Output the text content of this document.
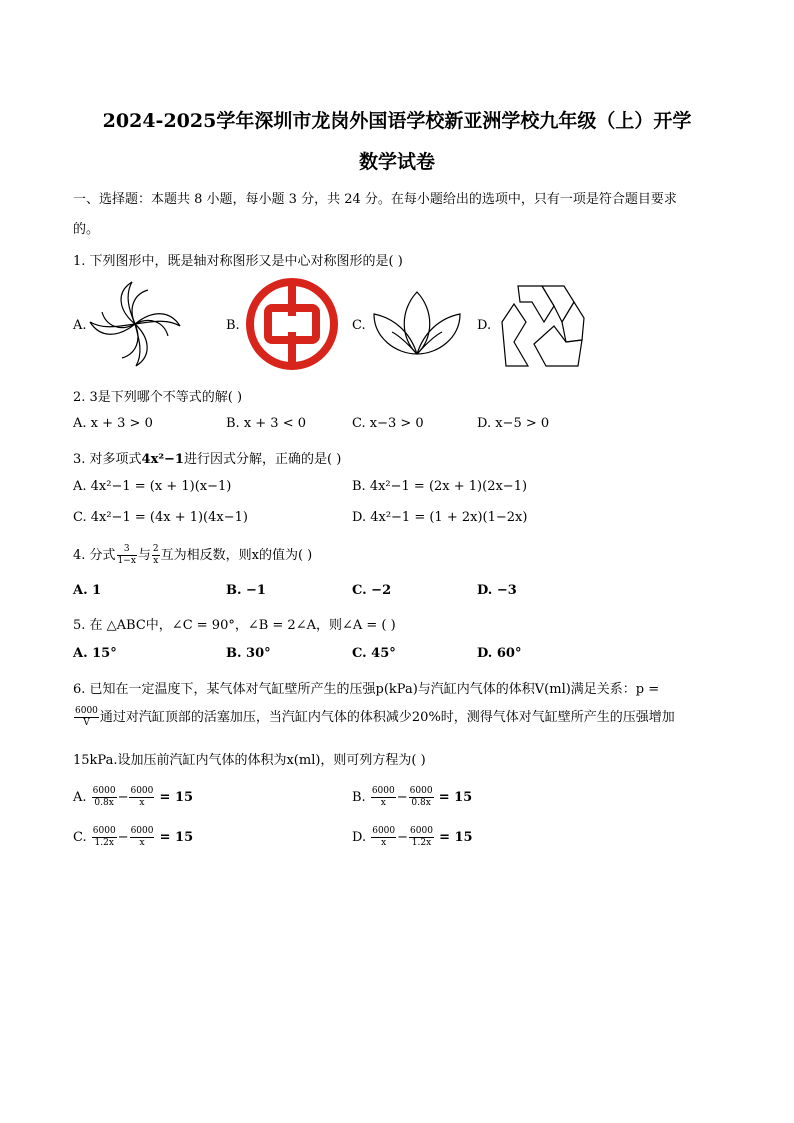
2024-2025学年深圳市龙岗外国语学校新亚洲学校九年级（上）开学
数学试卷
一、选择题：本题共 8 小题，每小题 3 分，共 24 分。在每小题给出的选项中，只有一项是符合题目要求
的。
1. 下列图形中，既是轴对称图形又是中心对称图形的是( )
A.	B.	C.	D.
2. 3是下列哪个不等式的解( )
A. x + 3 > 0	B. x + 3 < 0	C. x−3 > 0	D. x−5 > 0
3. 对多项式4x²−1进行因式分解，正确的是( )
A. 4x²−1 = (x + 1)(x−1)	B. 4x²−1 = (2x + 1)(2x−1)
C. 4x²−1 = (4x + 1)(4x−1)	D. 4x²−1 = (1 + 2x)(1−2x)
4. 分式 $\frac{3}{1-x}$ 与 $\frac{2}{x}$ 互为相反数，则x的值为( )
A. 1	B. −1	C. −2	D. −3
5. 在 △ABC中，∠C = 90°，∠B = 2∠A，则∠A = ( )
A. 15°	B. 30°	C. 45°	D. 60°
6. 已知在一定温度下，某气体对气缸壁所产生的压强p(kPa)与汽缸内气体的体积V(ml)满足关系：p =
$\frac{6000}{V}$ 通过对汽缸顶部的活塞加压，当汽缸内气体的体积减少20%时，测得气体对气缸壁所产生的压强增加
15kPa.设加压前汽缸内气体的体积为x(ml)，则可列方程为( )
A. $\frac{6000}{0.8x} - \frac{6000}{x} = 15$	B. $\frac{6000}{x} - \frac{6000}{0.8x} = 15$
C. $\frac{6000}{1.2x} - \frac{6000}{x} = 15$	D. $\frac{6000}{x} - \frac{6000}{1.2x} = 15$
